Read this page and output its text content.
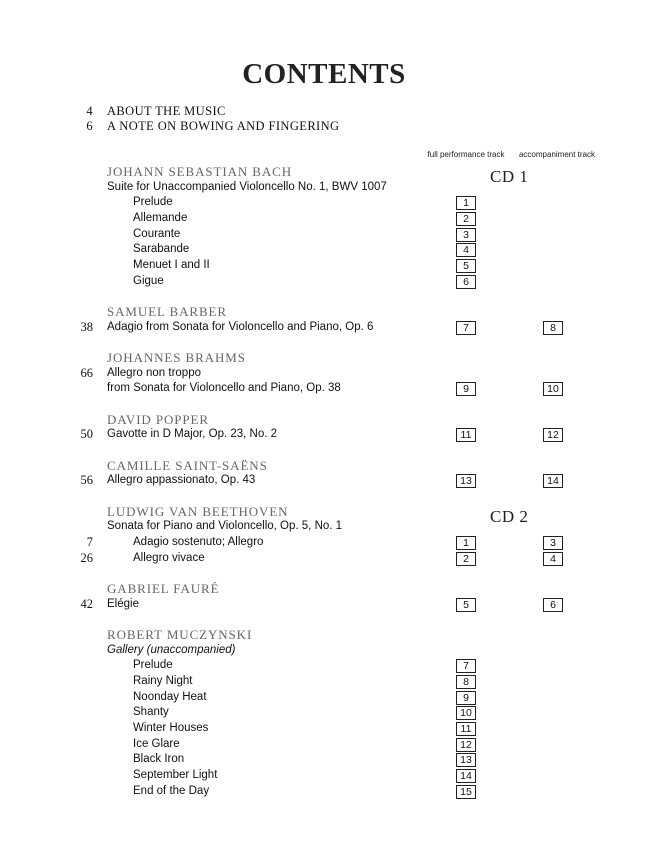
CONTENTS
4 ABOUT THE MUSIC
6 A NOTE ON BOWING AND FINGERING
full performance track	accompaniment track
JOHANN SEBASTIAN BACH	CD 1
Suite for Unaccompanied Violoncello No. 1, BWV 1007
Prelude	1
Allemande	2
Courante	3
Sarabande	4
Menuet I and II	5
Gigue	6
SAMUEL BARBER
38 Adagio from Sonata for Violoncello and Piano, Op. 6	7	8
JOHANNES BRAHMS
66 Allegro non troppo
from Sonata for Violoncello and Piano, Op. 38	9	10
DAVID POPPER
50 Gavotte in D Major, Op. 23, No. 2	11	12
CAMILLE SAINT-SAËNS
56 Allegro appassionato, Op. 43	13	14
LUDWIG VAN BEETHOVEN	CD 2
Sonata for Piano and Violoncello, Op. 5, No. 1
7	Adagio sostenuto; Allegro	1	3
26	Allegro vivace	2	4
GABRIEL FAURÉ
42 Elégie	5	6
ROBERT MUCZYNSKI
Gallery (unaccompanied)
Prelude	7
Rainy Night	8
Noonday Heat	9
Shanty	10
Winter Houses	11
Ice Glare	12
Black Iron	13
September Light	14
End of the Day	15
